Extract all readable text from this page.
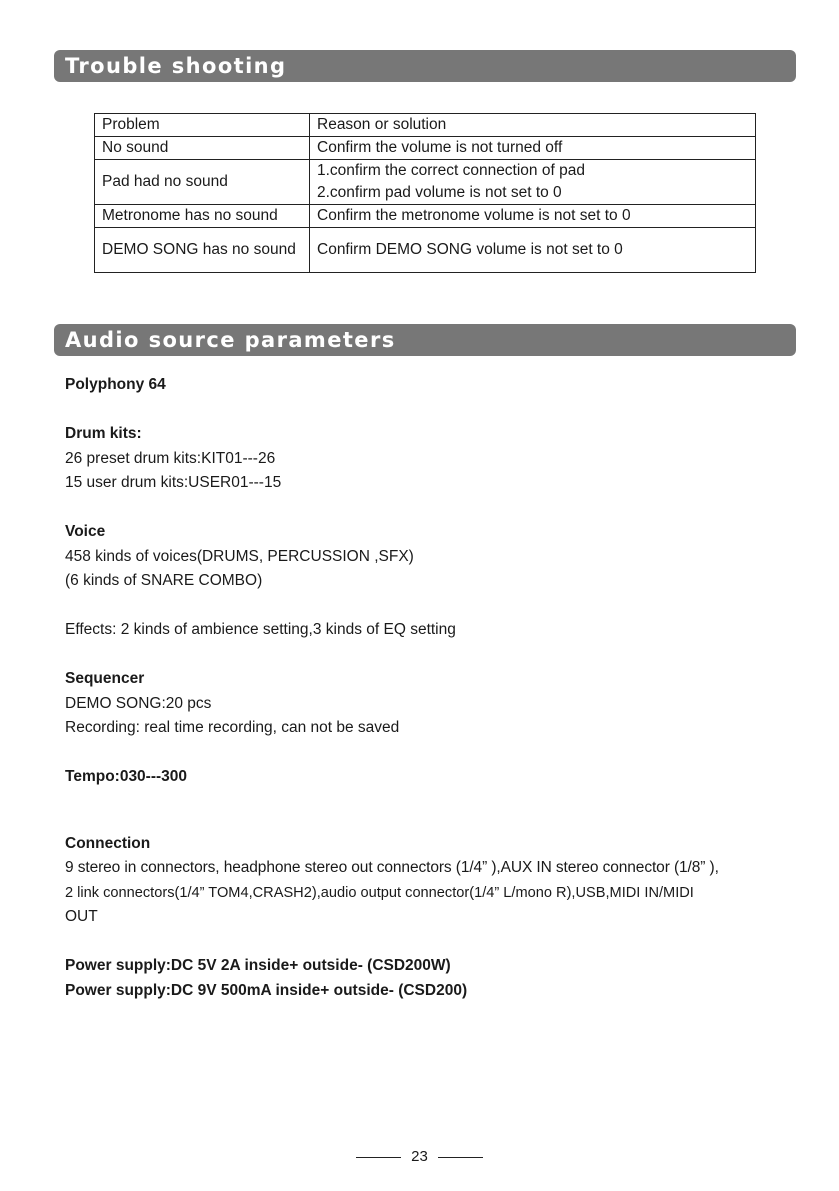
Trouble shooting
Problem	Reason or solution
No sound	Confirm the volume is not turned off
Pad had no sound	1.confirm the correct connection of pad
2.confirm pad volume is not set to 0

Metronome has no sound	Confirm the metronome volume is not set to 0
DEMO SONG has no sound	Confirm DEMO SONG volume is not set to 0
Audio source parameters
Polyphony 64
Drum kits:
26 preset drum kits:KIT01---26
15 user drum kits:USER01---15
Voice
458 kinds of voices(DRUMS, PERCUSSION ,SFX)
(6 kinds of SNARE COMBO)
Effects: 2 kinds of ambience setting,3 kinds of EQ setting
Sequencer
DEMO SONG:20 pcs
Recording: real time recording, can not be saved
Tempo:030---300
Connection
9 stereo in connectors, headphone stereo out connectors (1/4” ),AUX IN stereo connector (1/8” ),
2 link connectors(1/4” TOM4,CRASH2),audio output connector(1/4” L/mono R),USB,MIDI IN/MIDI
OUT
Power supply:DC 5V 2A inside+ outside- (CSD200W)
Power supply:DC 9V 500mA inside+ outside- (CSD200)
23
